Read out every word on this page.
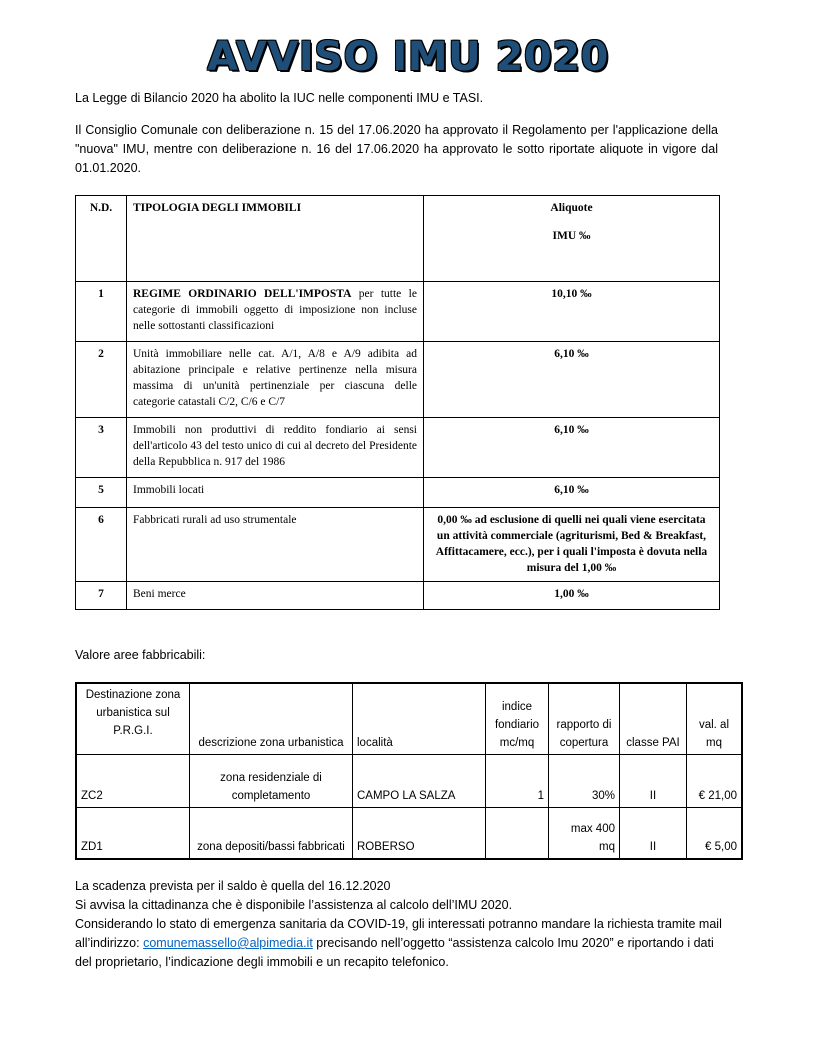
AVVISO IMU 2020
La Legge di Bilancio 2020 ha abolito la IUC nelle componenti IMU e TASI.
Il Consiglio Comunale con deliberazione n. 15 del 17.06.2020 ha approvato il Regolamento per l'applicazione della "nuova" IMU, mentre con deliberazione n. 16 del 17.06.2020 ha approvato le sotto riportate aliquote in vigore dal 01.01.2020.
N.D.	TIPOLOGIA DEGLI IMMOBILI	Aliquote
IMU ‰

1	REGIME ORDINARIO DELL'IMPOSTA per tutte le categorie di immobili oggetto di imposizione non incluse nelle sottostanti classificazioni	10,10 ‰
2	Unità immobiliare nelle cat. A/1, A/8 e A/9 adibita ad abitazione principale e relative pertinenze nella misura massima di un'unità pertinenziale per ciascuna delle categorie catastali C/2, C/6 e C/7	6,10 ‰
3	Immobili non produttivi di reddito fondiario ai sensi dell'articolo 43 del testo unico di cui al decreto del Presidente della Repubblica n. 917 del 1986	6,10 ‰
5	Immobili locati	6,10 ‰
6	Fabbricati rurali ad uso strumentale	0,00 ‰ ad esclusione di quelli nei quali viene esercitata un attività commerciale (agriturismi, Bed & Breakfast, Affittacamere, ecc.), per i quali l'imposta è dovuta nella misura del 1,00 ‰
7	Beni merce	1,00 ‰
Valore aree fabbricabili:
Destinazione zona urbanistica sul P.R.G.I.	descrizione zona urbanistica	località	indice fondiario mc/mq	rapporto di copertura	classe PAI	val. al mq
ZC2	zona residenziale di completamento	CAMPO LA SALZA	1	30%	II	€ 21,00
ZD1	zona depositi/bassi fabbricati	ROBERSO		max 400 mq	II	€ 5,00
La scadenza prevista per il saldo è quella del 16.12.2020
Si avvisa la cittadinanza che è disponibile l’assistenza al calcolo dell’IMU 2020.
Considerando lo stato di emergenza sanitaria da COVID-19, gli interessati potranno mandare la richiesta tramite mail all’indirizzo: comunemassello@alpimedia.it precisando nell’oggetto “assistenza calcolo Imu 2020” e riportando i dati del proprietario, l’indicazione degli immobili e un recapito telefonico.
